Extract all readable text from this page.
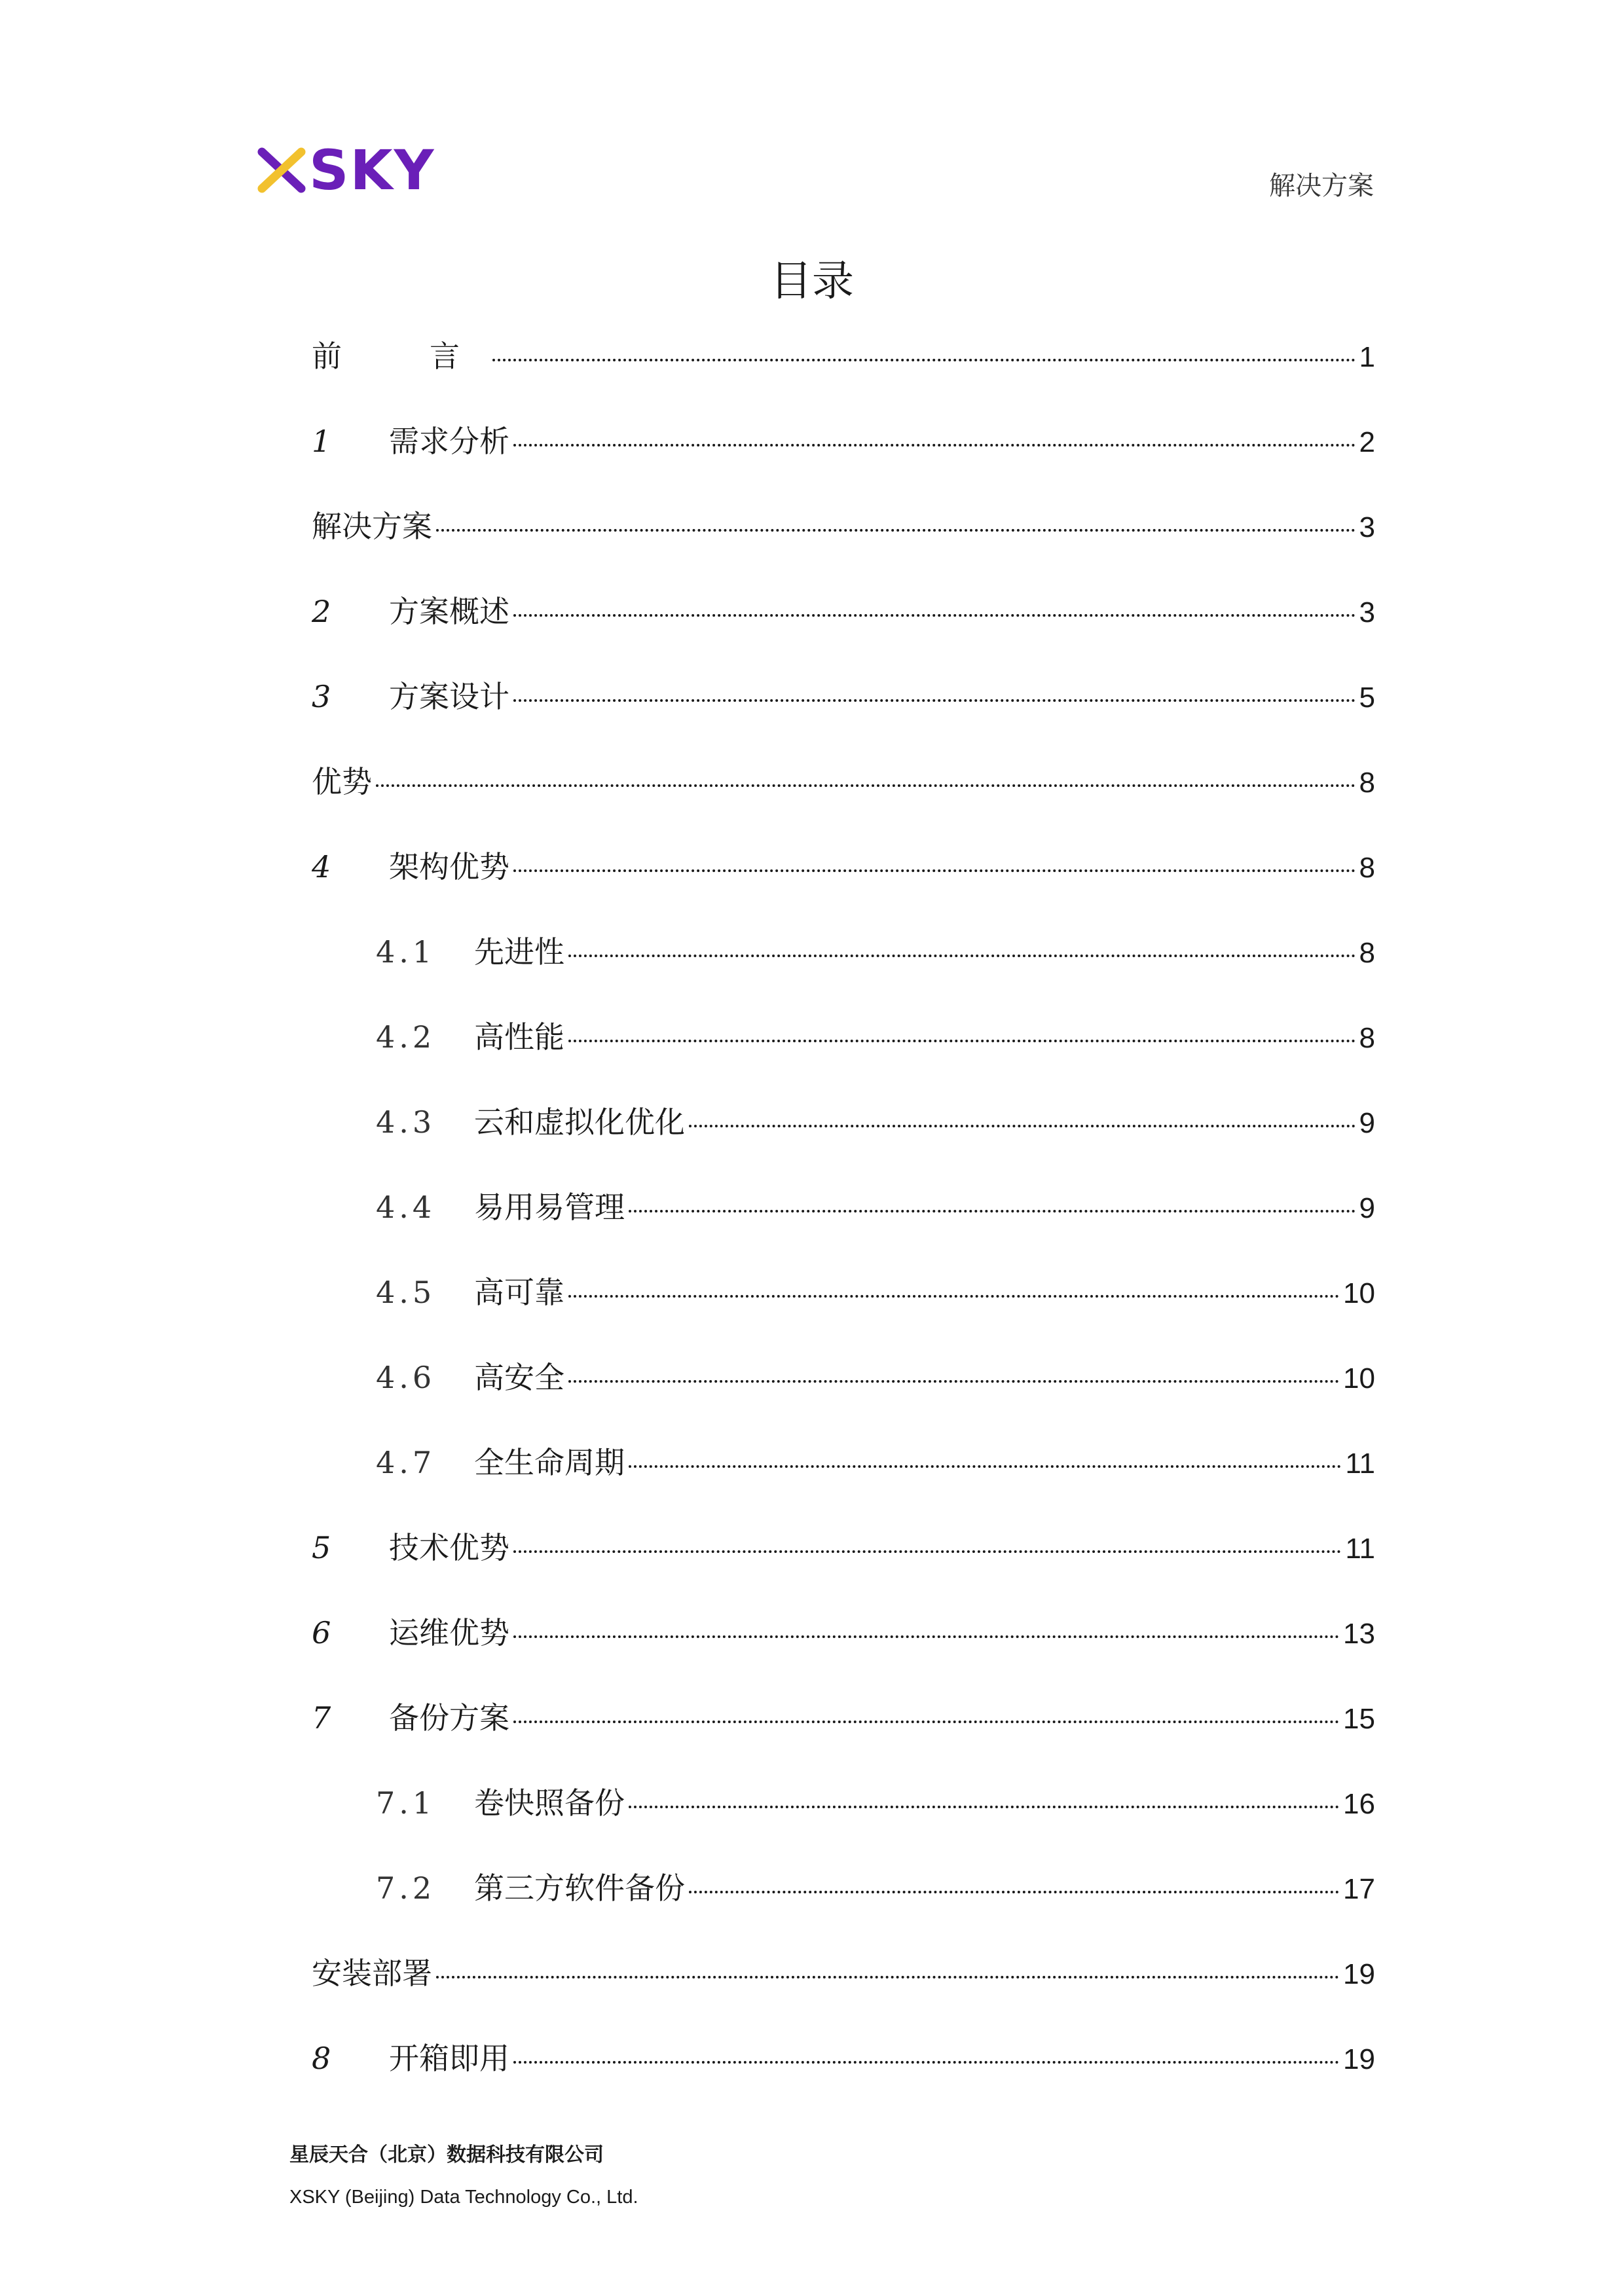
SKY	解决方案
目录
前　言	1
1	需求分析	2
解决方案	3
2	方案概述	3
3	方案设计	5
优势	8
4	架构优势	8
4.1	先进性	8
4.2	高性能	8
4.3	云和虚拟化优化	9
4.4	易用易管理	9
4.5	高可靠	10
4.6	高安全	10
4.7	全生命周期	11
5	技术优势	11
6	运维优势	13
7	备份方案	15
7.1	卷快照备份	16
7.2	第三方软件备份	17
安装部署	19
8	开箱即用	19
星辰天合（北京）数据科技有限公司
XSKY (Beijing) Data Technology Co., Ltd.
